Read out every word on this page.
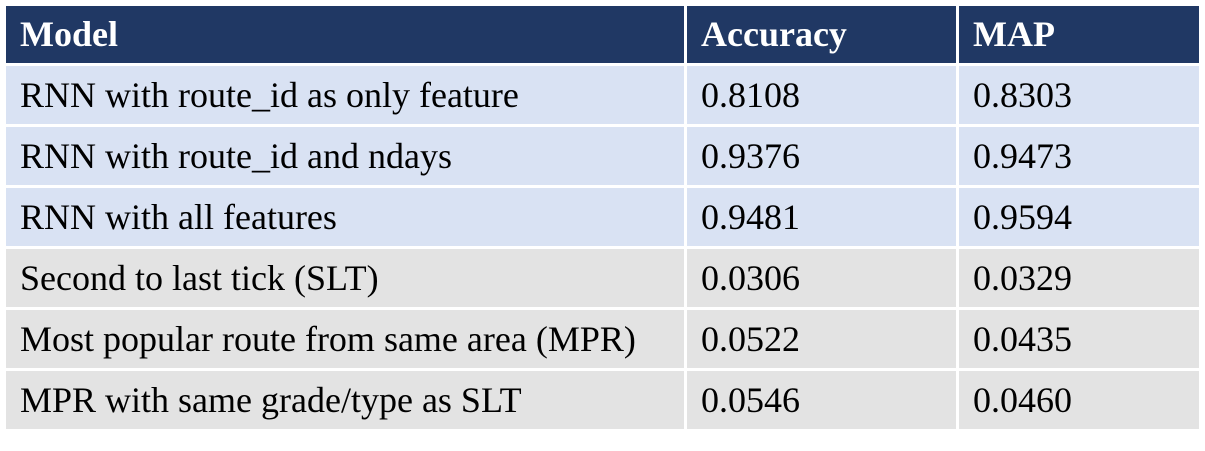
Model	Accuracy	MAP
RNN with route_id as only feature	0.8108	0.8303
RNN with route_id and ndays	0.9376	0.9473
RNN with all features	0.9481	0.9594
Second to last tick (SLT)	0.0306	0.0329
Most popular route from same area (MPR)	0.0522	0.0435
MPR with same grade/type as SLT	0.0546	0.0460
